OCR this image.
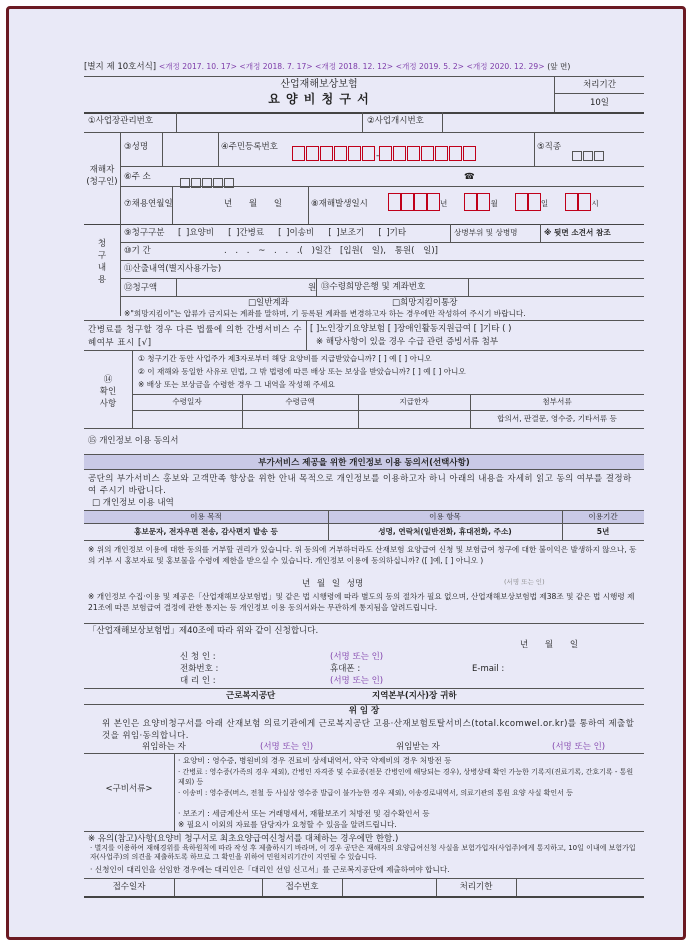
[별지 제 10호서식] <개정 2017. 10. 17> <개정 2018. 7. 17> <개정 2018. 12. 12> <개정 2019. 5. 2> <개정 2020. 12. 29> (앞 면)
산업재해보상보험
요 양 비 청 구 서
처리기간
10일
①사업장관리번호	②사업개시번호
재해자
(청구인)
③성명	④주민등록번호
-
⑤직종
⑥주 소	☎
⑦채용연월일	년 월 일	⑧재해발생일시	년	월	일	시
청
구
내
용
⑨청구구분 [ ]요양비 [ ]간병료 [ ]이송비 [ ]보조기 [ ]기타	상병부위 및 상병명	※ 뒷면 소견서 참조
⑩기 간	. . . ~ . . .( )일간 [입원( 일), 통원( 일)]
⑪산출내역(별지사용가능)
⑫청구액	원 ⑬수령희망은행 및 계좌번호
□일반계좌	□희망지킴이통장
※"희망지킴이"는 압류가 금지되는 계좌를 말하며, 기 등록된 계좌를 변경하고자 하는 경우에만 작성하여 주시기 바랍니다.
간병료를 청구할 경우 다른 법률에 의한 간병서비스 수혜여부 표시 [√]
[ ]노인장기요양보험 [ ]장애인활동지원급여 [ ]기타 ( )
※ 해당사항이 있을 경우 수급 관련 증빙서류 첨부
⑭
확인
사항
① 청구기간 동안 사업주가 제3자로부터 해당 요양비를 지급받았습니까? [ ] 예 [ ] 아니오
② 이 재해와 동일한 사유로 민법, 그 밖 법령에 따른 배상 또는 보상을 받았습니까? [ ] 예 [ ] 아니오
※ 배상 또는 보상금을 수령한 경우 그 내역을 작성해 주세요
수령일자	수령금액	지급한자	첨부서류
합의서, 판결문, 영수증, 기타서류 등
⑮ 개인정보 이용 동의서
부가서비스 제공을 위한 개인정보 이용 동의서(선택사항)
공단의 부가서비스 홍보와 고객만족 향상을 위한 안내 목적으로 개인정보를 이용하고자 하니 아래의 내용을 자세히 읽고 동의 여부를 결정하여 주시기 바랍니다.
□ 개인정보 이용 내역
이용 목적	이용 항목	이용기간
홍보문자, 전자우편 전송, 감사편지 발송 등	성명, 연락처(일반전화, 휴대전화, 주소)	5년
※ 위의 개인정보 이용에 대한 동의를 거부할 권리가 있습니다. 위 동의에 거부하더라도 산재보험 요양급여 신청 및 보험급여 청구에 대한 불이익은 발생하지 않으나, 동의 거부 시 홍보자료 및 홍보물을 수령에 제한을 받으실 수 있습니다. 개인정보 이용에 동의하십니까? ([ ]예, [ ] 아니오 )
년 월 일 성명	(서명 또는 인)
※ 개인정보 수집·이용 및 제공은「산업재해보상보험법」및 같은 법 시행령에 따라 별도의 동의 절차가 필요 없으며, 산업재해보상보험법 제38조 및 같은 법 시행령 제21조에 따른 보험급여 결정에 관한 통지는 등 개인정보 이용 동의서와는 무관하게 통지됨을 알려드립니다.
「산업재해보상보험법」제40조에 따라 위와 같이 신청합니다.
년 월 일
신 청 인 :	(서명 또는 인)
전화번호 :	휴대폰 :	E-mail :
대 리 인 :	(서명 또는 인)
근로복지공단	지역본부(지사)장 귀하
위 임 장
위 본인은 요양비청구서를 아래 산재보험 의료기관에게 근로복지공단 고용·산재보험토탈서비스(total.kcomwel.or.kr)를 통하여 제출할 것을 위임·동의합니다.
위임하는 자	(서명 또는 인)	위임받는 자	(서명 또는 인)
<구비서류>
· 요양비 : 영수증, 병원비의 경우 진료비 상세내역서, 약국 약제비의 경우 처방전 등
· 간병료 : 영수증(가족의 경우 제외), 간병인 자격증 및 수료증(전문 간병인에 해당되는 경우), 상병상태 확인 가능한 기록지(진료기록, 간호기록 - 통원 제외) 등
· 이송비 : 영수증(버스, 전철 등 사실상 영수증 발급이 불가능한 경우 제외), 이송경로내역서, 의료기관의 통원 요양 사실 확인서 등
· 보조기 : 세금계산서 또는 거래명세서, 재활보조기 처방전 및 검수확인서 등
※ 필요시 이외의 자료를 담당자가 요청할 수 있음을 알려드립니다.
※ 유의(참고)사항(요양비 청구서로 최초요양급여신청서를 대체하는 경우에만 한함.)
· 별지를 이용하여 재해경위를 육하원칙에 따라 작성 후 제출하시기 바라며, 이 경우 공단은 재해자의 요양급여신청 사실을 보험가입자(사업주)에게 통지하고, 10일 이내에 보험가입자(사업주)의 의견을 제출하도록 하므로 그 확인을 위하여 민원처리기간이 지연될 수 있습니다.
· 신청인이 대리인을 선임한 경우에는 대리인은「대리인 선임 신고서」를 근로복지공단에 제출하여야 합니다.
접수일자	접수번호	처리기한
